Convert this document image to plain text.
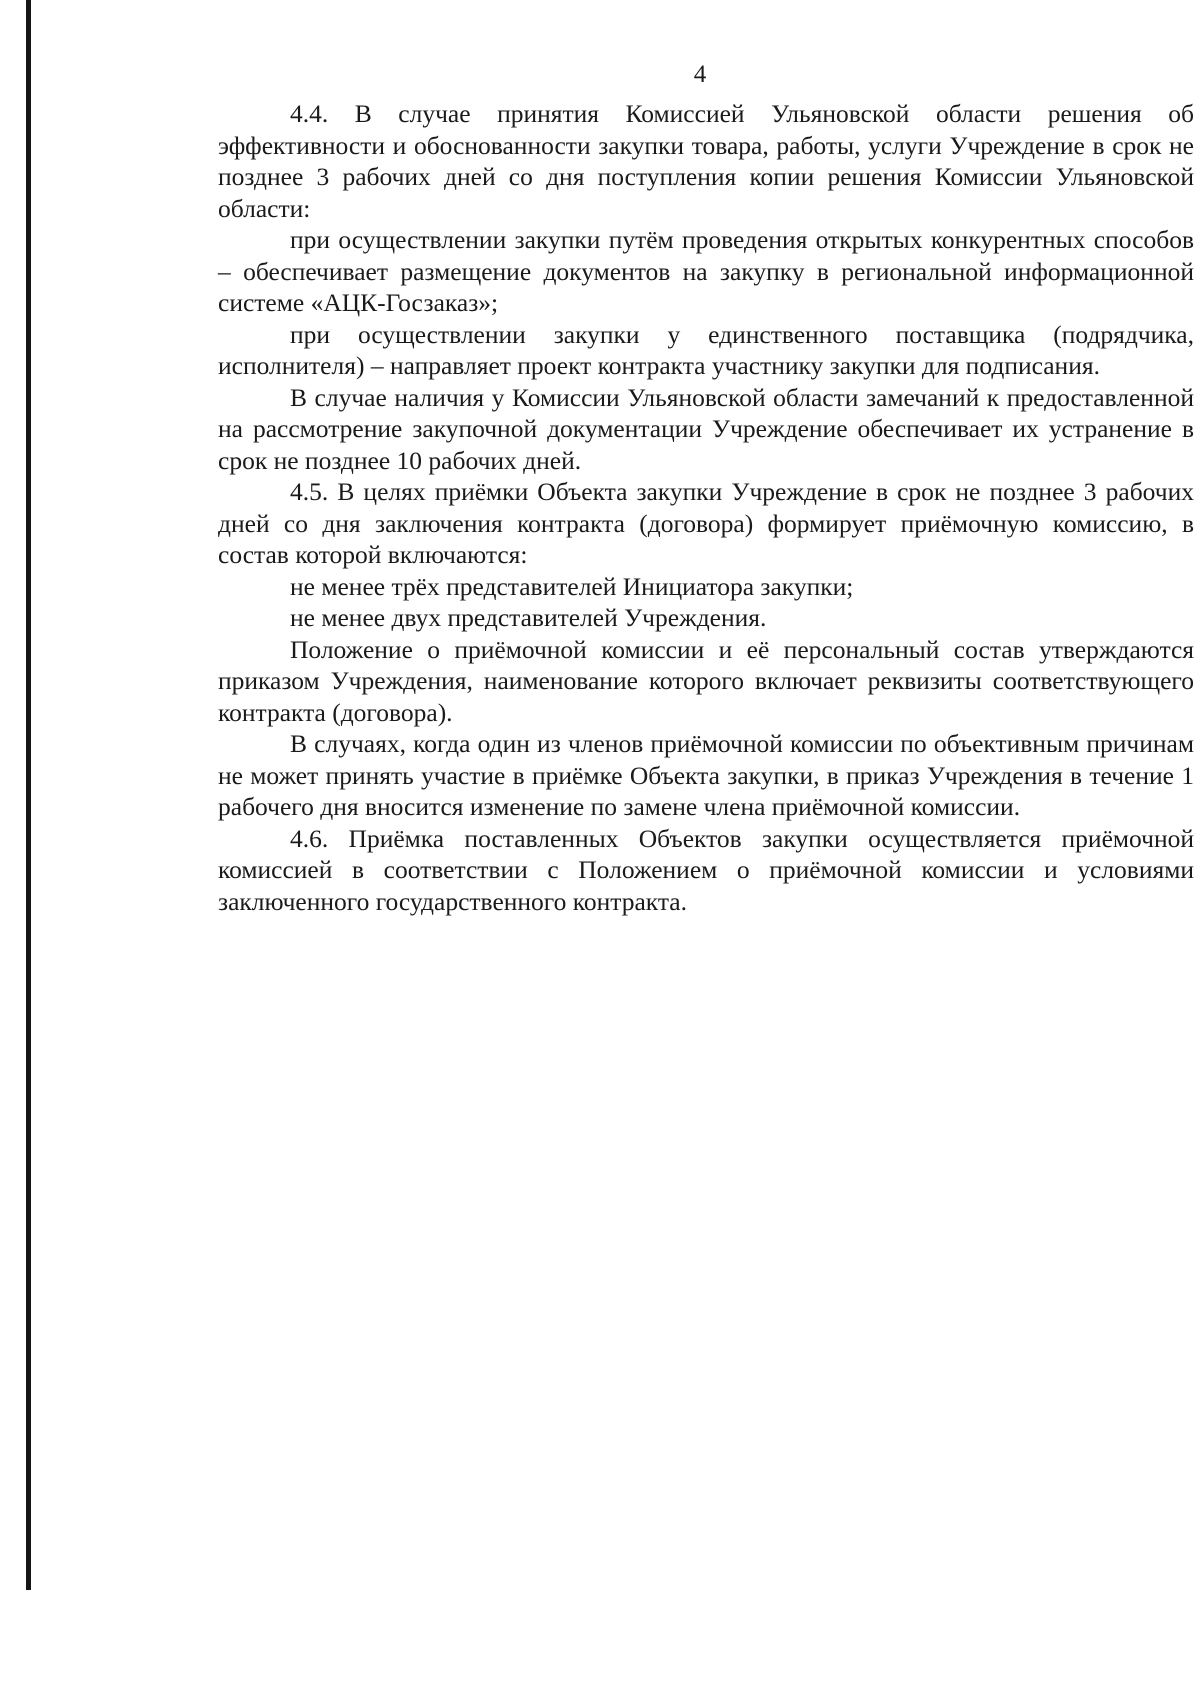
4

4.4. В случае принятия Комиссией Ульяновской области решения об эффективности и обоснованности закупки товара, работы, услуги Учреждение в срок не позднее 3 рабочих дней со дня поступления копии решения Комиссии Ульяновской области:

при осуществлении закупки путём проведения открытых конкурентных способов – обеспечивает размещение документов на закупку в региональной информационной системе «АЦК-Госзаказ»;

при осуществлении закупки у единственного поставщика (подрядчика, исполнителя) – направляет проект контракта участнику закупки для подписания.

В случае наличия у Комиссии Ульяновской области замечаний к предоставленной на рассмотрение закупочной документации Учреждение обеспечивает их устранение в срок не позднее 10 рабочих дней.

4.5. В целях приёмки Объекта закупки Учреждение в срок не позднее 3 рабочих дней со дня заключения контракта (договора) формирует приёмочную комиссию, в состав которой включаются:

не менее трёх представителей Инициатора закупки;

не менее двух представителей Учреждения.

Положение о приёмочной комиссии и её персональный состав утверждаются приказом Учреждения, наименование которого включает реквизиты соответствующего контракта (договора).

В случаях, когда один из членов приёмочной комиссии по объективным причинам не может принять участие в приёмке Объекта закупки, в приказ Учреждения в течение 1 рабочего дня вносится изменение по замене члена приёмочной комиссии.

4.6. Приёмка поставленных Объектов закупки осуществляется приёмочной комиссией в соответствии с Положением о приёмочной комиссии и условиями заключенного государственного контракта.
